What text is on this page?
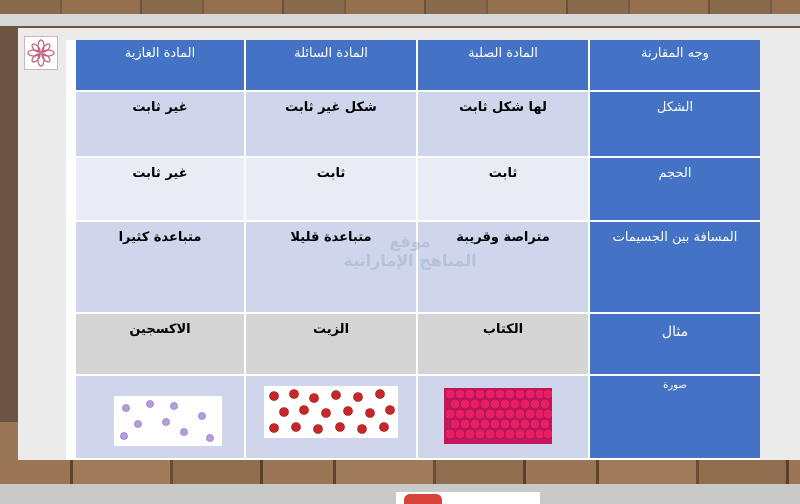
المادة الغازية	المادة السائلة	المادة الصلبة	وجه المقارنة
غير ثابت	شكل غير ثابت	لها شكل ثابت	الشكل
غير ثابت	ثابت	ثابت	الحجم
متباعدة كثيرا	متباعدة قليلا	متراصة وقريبة	المسافة بين الجسيمات
الاكسجين	الزيت	الكتاب	مثال
صورة
موقع
المناهج الإماراتية
